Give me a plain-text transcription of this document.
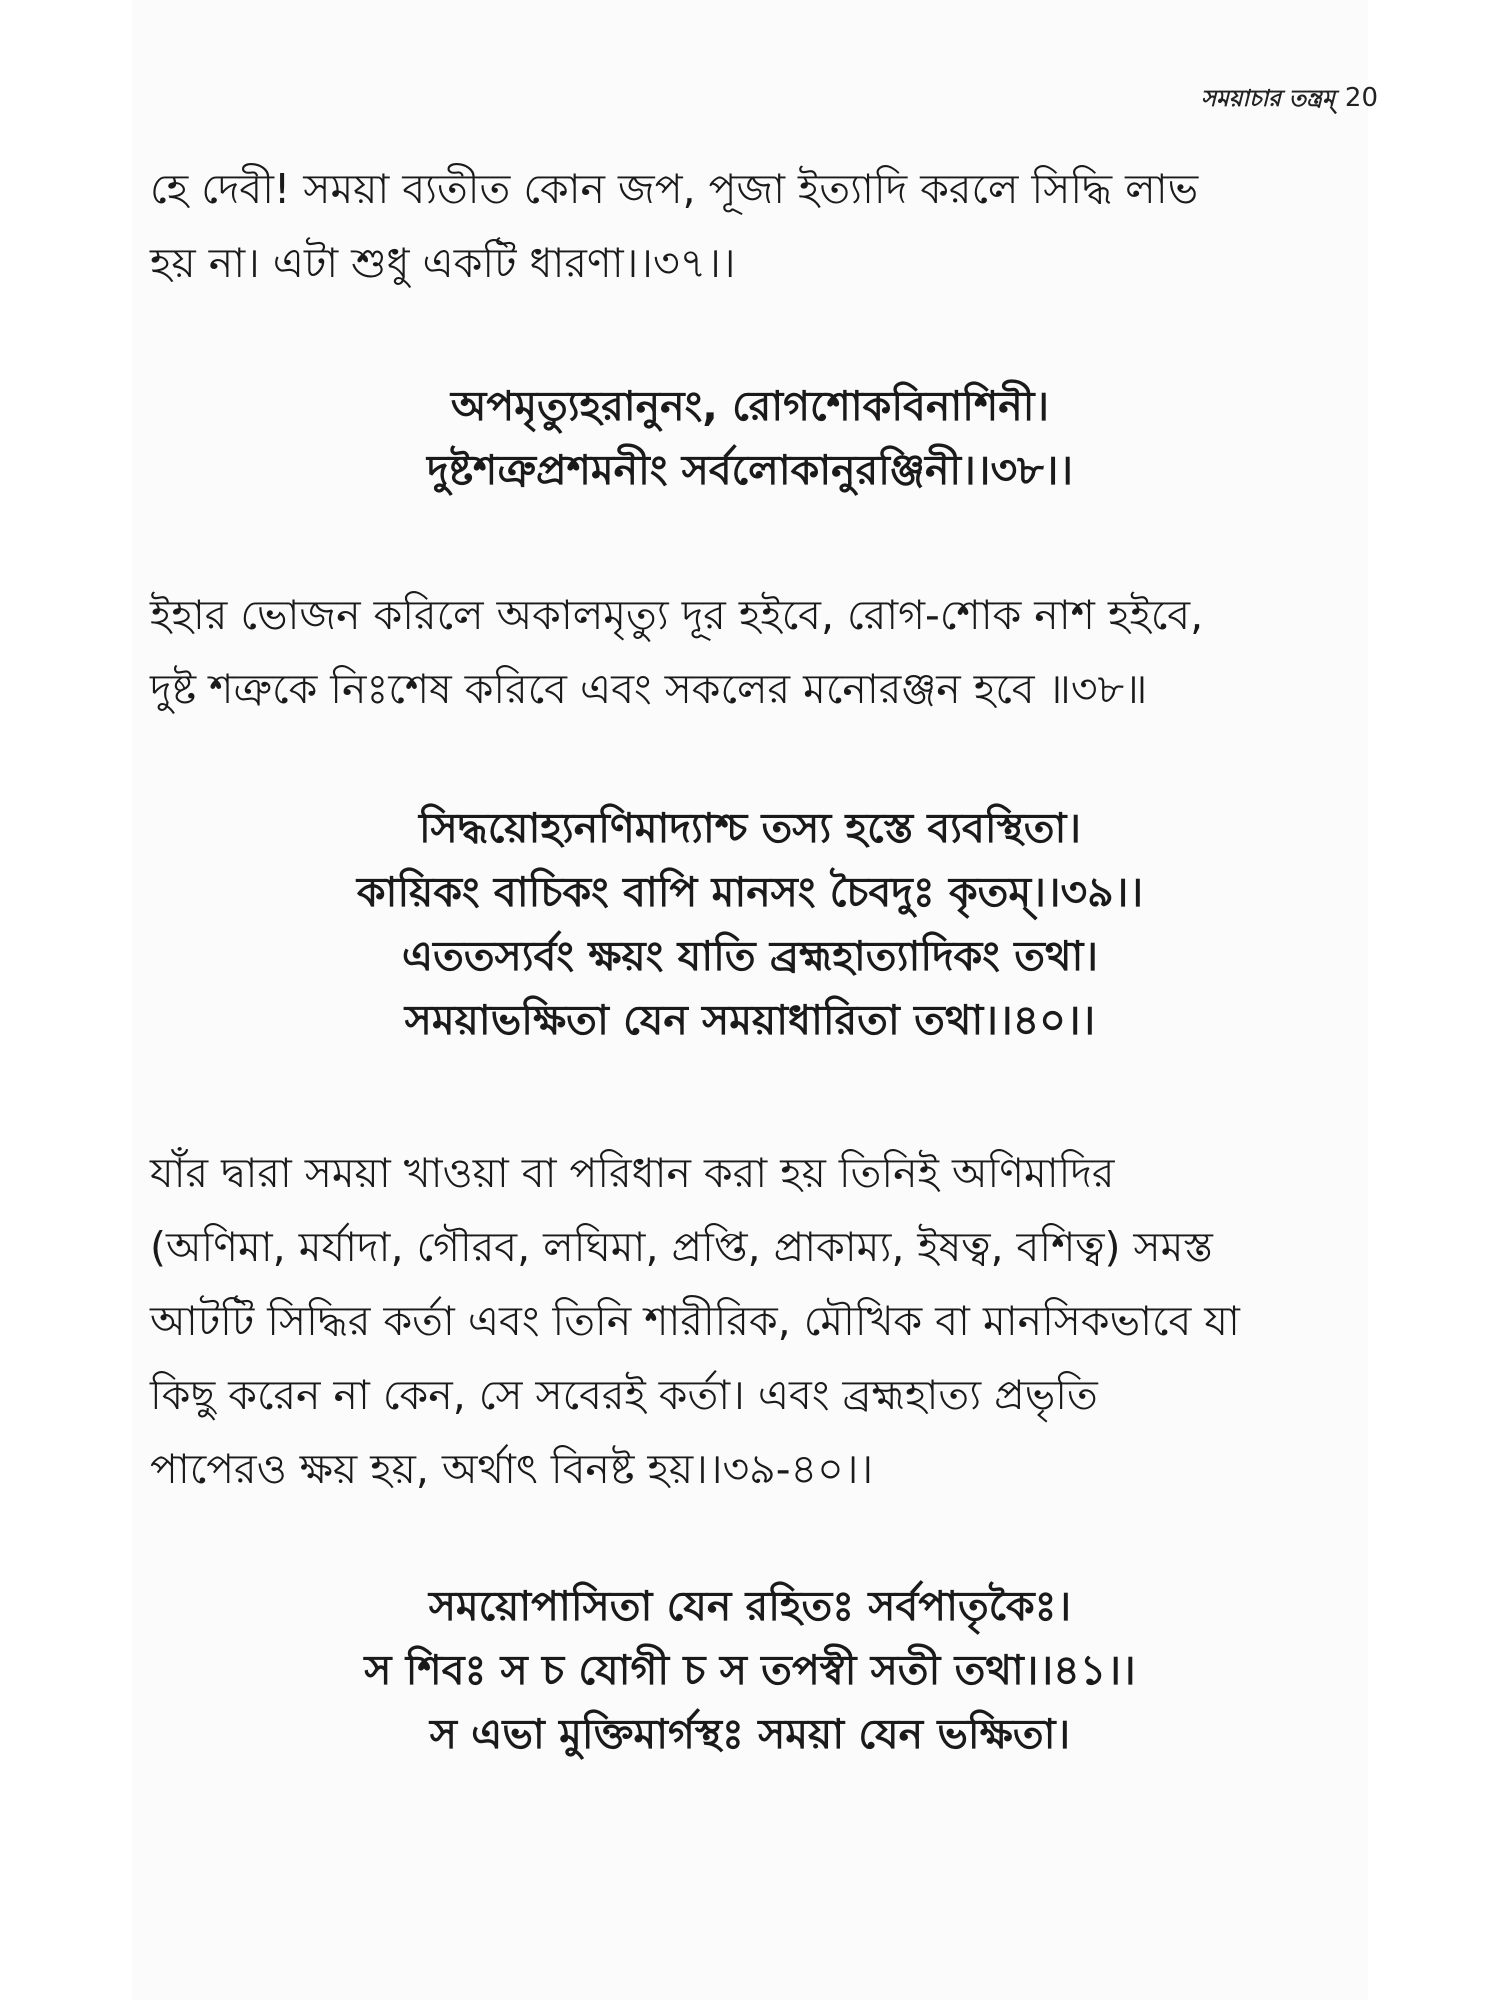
সময়াচার তন্ত্রম্ 20

হে দেবী! সময়া ব্যতীত কোন জপ, পূজা ইত্যাদি করলে সিদ্ধি লাভ

হয় না। এটা শুধু একটি ধারণা।।৩৭।।

অপমৃত্যুহরানুনং, রোগশোকবিনাশিনী।

দুষ্টশত্রুপ্রশমনীং সর্বলোকানুরঞ্জিনী।।৩৮।।

ইহার ভোজন করিলে অকালমৃত্যু দূর হইবে, রোগ-শোক নাশ হইবে,

দুষ্ট শত্রুকে নিঃশেষ করিবে এবং সকলের মনোরঞ্জন হবে ॥৩৮॥

সিদ্ধয়োহ্যনণিমাদ্যাশ্চ তস্য হস্তে ব্যবস্থিতা।

কায়িকং বাচিকং বাপি মানসং চৈবদুঃ কৃতম্।।৩৯।।

এততস্যর্বং ক্ষয়ং যাতি ব্রহ্মহাত্যাদিকং তথা।

সময়াভক্ষিতা যেন সময়াধারিতা তথা।।৪০।।

যাঁর দ্বারা সময়া খাওয়া বা পরিধান করা হয় তিনিই অণিমাদির

(অণিমা, মর্যাদা, গৌরব, লঘিমা, প্রপ্তি, প্রাকাম্য, ইষত্ব, বশিত্ব) সমস্ত

আটটি সিদ্ধির কর্তা এবং তিনি শারীরিক, মৌখিক বা মানসিকভাবে যা

কিছু করেন না কেন, সে সবেরই কর্তা। এবং ব্রহ্মহাত্য প্রভৃতি

পাপেরও ক্ষয় হয়, অর্থাৎ বিনষ্ট হয়।।৩৯-৪০।।

সময়োপাসিতা যেন রহিতঃ সর্বপাতৃকৈঃ।

স শিবঃ স চ যোগী চ স তপস্বী সতী তথা।।৪১।।

স এভা মুক্তিমার্গস্থঃ সময়া যেন ভক্ষিতা।
